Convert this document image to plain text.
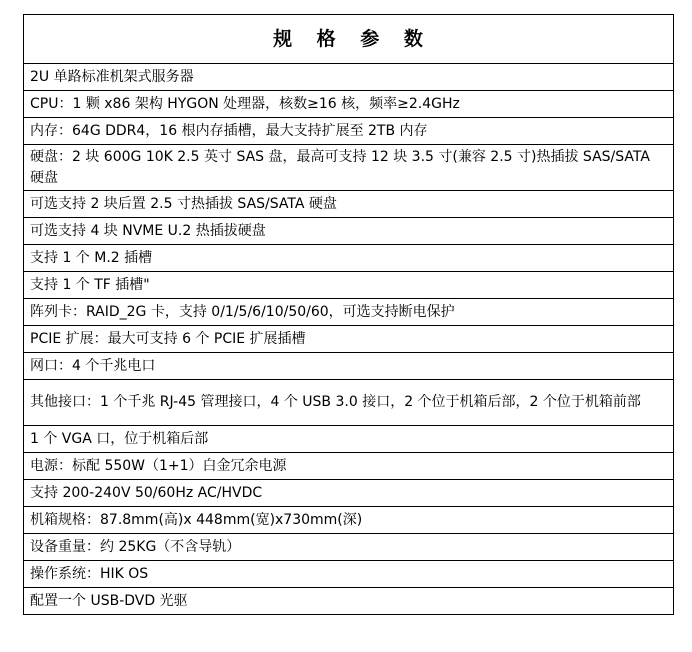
规 格 参 数
2U 单路标准机架式服务器
CPU：1 颗 x86 架构 HYGON 处理器，核数≥16 核，频率≥2.4GHz
内存：64G DDR4，16 根内存插槽，最大支持扩展至 2TB 内存
硬盘：2 块 600G 10K 2.5 英寸 SAS 盘，最高可支持 12 块 3.5 寸(兼容 2.5 寸)热插拔 SAS/SATA 硬盘
可选支持 2 块后置 2.5 寸热插拔 SAS/SATA 硬盘
可选支持 4 块 NVME U.2 热插拔硬盘
支持 1 个 M.2 插槽
支持 1 个 TF 插槽"
阵列卡：RAID_2G 卡，支持 0/1/5/6/10/50/60，可选支持断电保护
PCIE 扩展：最大可支持 6 个 PCIE 扩展插槽
网口：4 个千兆电口
其他接口：1 个千兆 RJ-45 管理接口，4 个 USB 3.0 接口，2 个位于机箱后部，2 个位于机箱前部
1 个 VGA 口，位于机箱后部
电源：标配 550W（1+1）白金冗余电源
支持 200-240V 50/60Hz AC/HVDC
机箱规格：87.8mm(高)x 448mm(宽)x730mm(深)
设备重量：约 25KG（不含导轨）
操作系统：HIK OS
配置一个 USB-DVD 光驱
